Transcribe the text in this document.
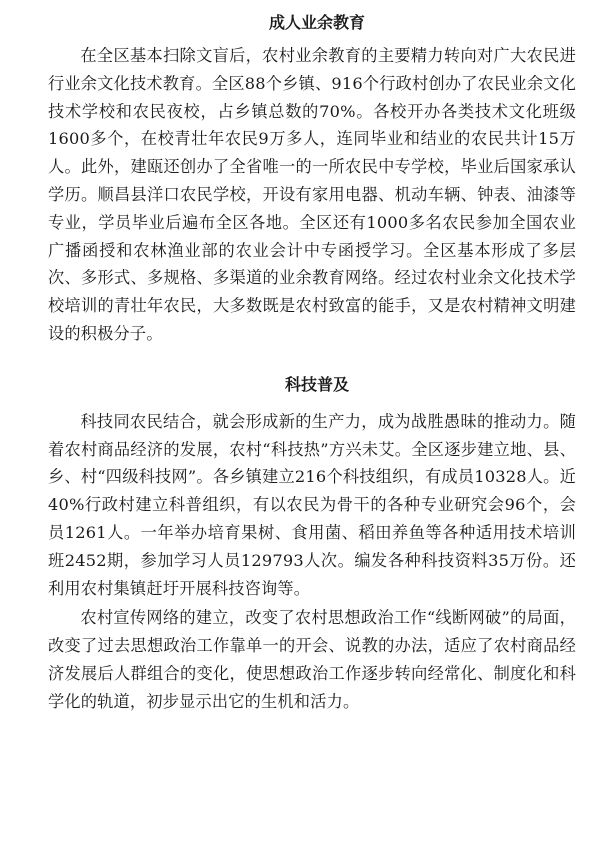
成人业余教育

在全区基本扫除文盲后，农村业余教育的主要精力转向对广大农民进行业余文化技术教育。全区88个乡镇、916个行政村创办了农民业余文化技术学校和农民夜校，占乡镇总数的70%。各校开办各类技术文化班级1600多个，在校青壮年农民9万多人，连同毕业和结业的农民共计15万人。此外，建瓯还创办了全省唯一的一所农民中专学校，毕业后国家承认学历。顺昌县洋口农民学校，开设有家用电器、机动车辆、钟表、油漆等专业，学员毕业后遍布全区各地。全区还有1000多名农民参加全国农业广播函授和农林渔业部的农业会计中专函授学习。全区基本形成了多层次、多形式、多规格、多渠道的业余教育网络。经过农村业余文化技术学校培训的青壮年农民，大多数既是农村致富的能手，又是农村精神文明建设的积极分子。

科技普及

科技同农民结合，就会形成新的生产力，成为战胜愚昧的推动力。随着农村商品经济的发展，农村“科技热”方兴未艾。全区逐步建立地、县、乡、村“四级科技网”。各乡镇建立216个科技组织，有成员10328人。近40%行政村建立科普组织，有以农民为骨干的各种专业研究会96个，会员1261人。一年举办培育果树、食用菌、稻田养鱼等各种适用技术培训班2452期，参加学习人员129793人次。编发各种科技资料35万份。还利用农村集镇赶圩开展科技咨询等。

农村宣传网络的建立，改变了农村思想政治工作“线断网破”的局面，改变了过去思想政治工作靠单一的开会、说教的办法，适应了农村商品经济发展后人群组合的变化，使思想政治工作逐步转向经常化、制度化和科学化的轨道，初步显示出它的生机和活力。
